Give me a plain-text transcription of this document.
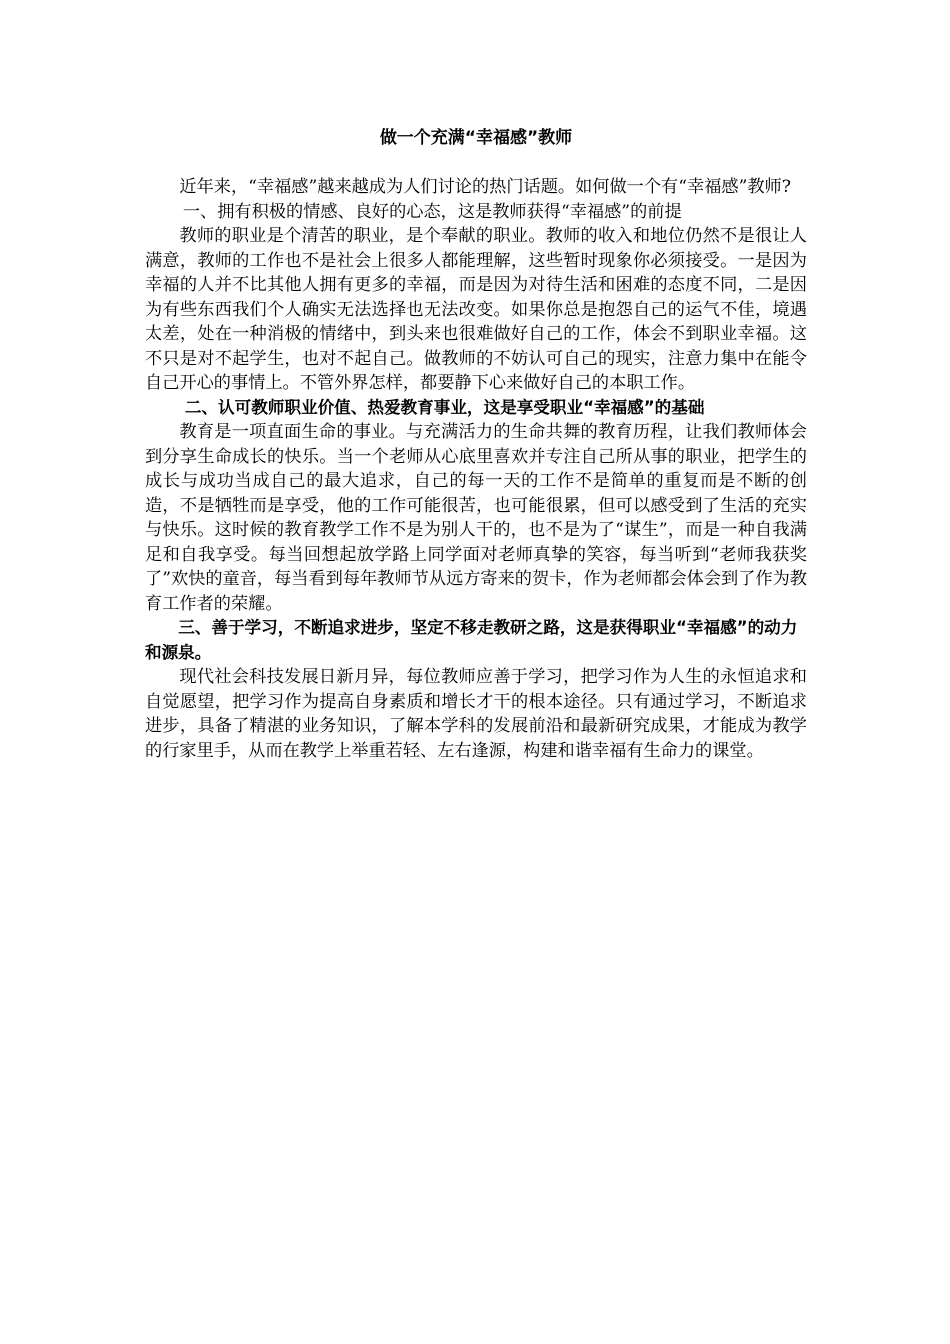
做一个充满“幸福感”教师

近年来，“幸福感”越来越成为人们讨论的热门话题。如何做一个有“幸福感”教师?

一、拥有积极的情感、良好的心态，这是教师获得“幸福感”的前提

教师的职业是个清苦的职业，是个奉献的职业。教师的收入和地位仍然不是很让人满意，教师的工作也不是社会上很多人都能理解，这些暂时现象你必须接受。一是因为幸福的人并不比其他人拥有更多的幸福，而是因为对待生活和困难的态度不同，二是因为有些东西我们个人确实无法选择也无法改变。如果你总是抱怨自己的运气不佳，境遇太差，处在一种消极的情绪中，到头来也很难做好自己的工作，体会不到职业幸福。这不只是对不起学生，也对不起自己。做教师的不妨认可自己的现实，注意力集中在能令自己开心的事情上。不管外界怎样，都要静下心来做好自己的本职工作。

二、认可教师职业价值、热爱教育事业，这是享受职业“幸福感”的基础

教育是一项直面生命的事业。与充满活力的生命共舞的教育历程，让我们教师体会到分享生命成长的快乐。当一个老师从心底里喜欢并专注自己所从事的职业，把学生的成长与成功当成自己的最大追求，自己的每一天的工作不是简单的重复而是不断的创造，不是牺牲而是享受，他的工作可能很苦，也可能很累，但可以感受到了生活的充实与快乐。这时候的教育教学工作不是为别人干的，也不是为了“谋生”，而是一种自我满足和自我享受。每当回想起放学路上同学面对老师真挚的笑容，每当听到“老师我获奖了”欢快的童音，每当看到每年教师节从远方寄来的贺卡，作为老师都会体会到了作为教育工作者的荣耀。

三、善于学习，不断追求进步，坚定不移走教研之路，这是获得职业“幸福感”的动力和源泉。

现代社会科技发展日新月异，每位教师应善于学习，把学习作为人生的永恒追求和自觉愿望，把学习作为提高自身素质和增长才干的根本途径。只有通过学习，不断追求进步，具备了精湛的业务知识，了解本学科的发展前沿和最新研究成果，才能成为教学的行家里手，从而在教学上举重若轻、左右逢源，构建和谐幸福有生命力的课堂。
